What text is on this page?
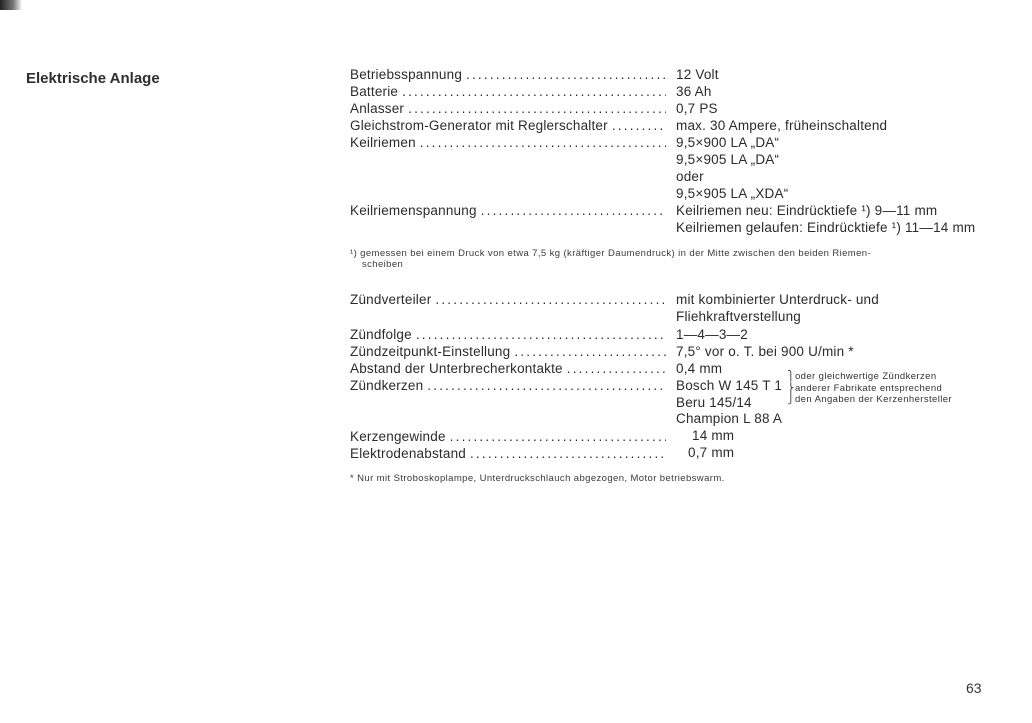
Elektrische Anlage	Betriebsspannung .....	12 Volt
Batterie .....	36 Ah
Anlasser .....	0,7 PS
Gleichstrom-Generator mit Reglerschalter .....	max. 30 Ampere, früheinschaltend
Keilriemen .....	9,5×900 LA „DA“
9,5×905 LA „DA“
oder
9,5×905 LA „XDA“
Keilriemenspannung .....	Keilriemen neu: Eindrücktiefe ¹) 9—11 mm
Keilriemen gelaufen: Eindrücktiefe ¹) 11—14 mm
¹) gemessen bei einem Druck von etwa 7,5 kg (kräftiger Daumendruck) in der Mitte zwischen den beiden Riemen-
scheiben
Zündverteiler .....	mit kombinierter Unterdruck- und
Fliehkraftverstellung
Zündfolge .....	1—4—3—2
Zündzeitpunkt-Einstellung .....	7,5° vor o. T. bei 900 U/min *
Abstand der Unterbrecherkontakte .....	0,4 mm
Zündkerzen .....	Bosch W 145 T 1
Beru 145/14
Champion L 88 A
⎫oder gleichwertige Zündkerzen
⎬anderer Fabrikate entsprechend
⎭den Angaben der Kerzenhersteller
Kerzengewinde .....	14 mm
Elektrodenabstand .....	0,7 mm
* Nur mit Stroboskoplampe, Unterdruckschlauch abgezogen, Motor betriebswarm.
63
